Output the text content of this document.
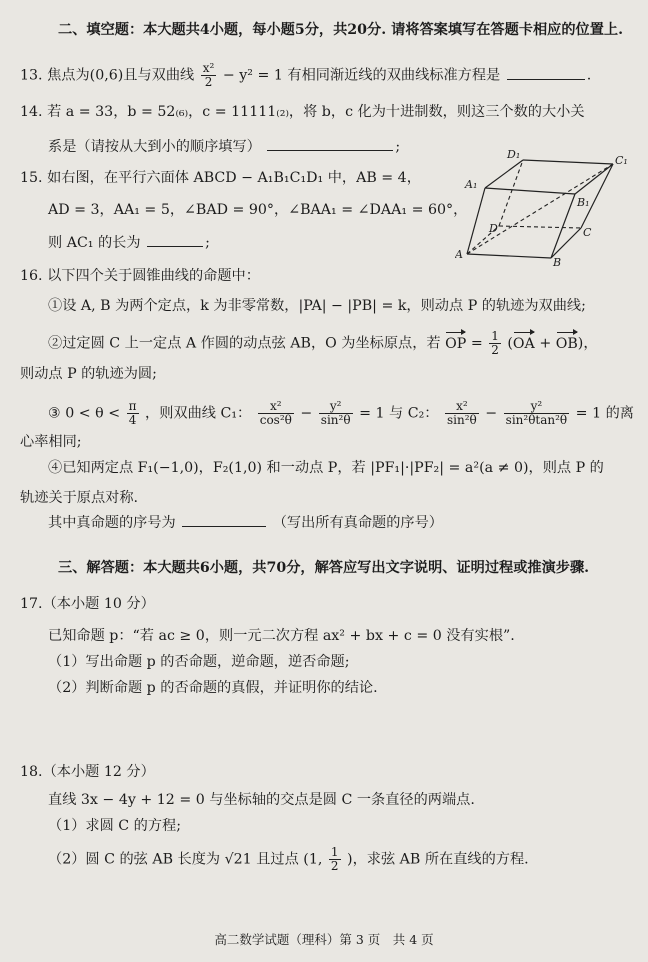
二、填空题：本大题共4小题，每小题5分，共20分. 请将答案填写在答题卡相应的位置上.
13. 焦点为(0,6)且与双曲线 $\frac{\text{x²}}{2} - y^2 = 1$ 有相同渐近线的双曲线标准方程是	.
14. 若 a = 33，b = 52₍₆₎，c = 11111₍₂₎，将 b，c 化为十进制数，则这三个数的大小关
系是（请按从大到小的顺序填写）	;
15. 如右图，在平行六面体 ABCD − A₁B₁C₁D₁ 中，AB = 4，
AD = 3，AA₁ = 5，∠BAD = 90°，∠BAA₁ = ∠DAA₁ = 60°，
则 AC₁ 的长为	;
D₁	C₁
A₁
B₁
D	C
A
B
16. 以下四个关于圆锥曲线的命题中：
①设 A, B 为两个定点，k 为非零常数，|PA| − |PB| = k，则动点 P 的轨迹为双曲线;
②过定圆 C 上一定点 A 作圆的动点弦 AB，O 为坐标原点，若 OP = $\frac{1}{2} (OA + OB)$，
则动点 P 的轨迹为圆;
③ $0 < \theta < \frac{\pi}{4}$ ，则双曲线 C₁： $\frac{\text{x²}}{\text{cos²θ}} - \frac{\text{y²}}{\text{sin²θ}} = 1$ 与 C₂： $\frac{\text{x²}}{\text{sin²θ}} - \frac{\text{y²}}{\text{sin²θtan²θ}} = 1$ 的离
心率相同;
④已知两定点 F₁(−1,0)，F₂(1,0) 和一动点 P，若 |PF₁|·|PF₂| = a²(a ≠ 0)，则点 P 的
轨迹关于原点对称.
其中真命题的序号为	（写出所有真命题的序号）
三、解答题：本大题共6小题，共70分，解答应写出文字说明、证明过程或推演步骤.
17.（本小题 10 分）
已知命题 p：“若 ac ≥ 0，则一元二次方程 ax² + bx + c = 0 没有实根”.
（1）写出命题 p 的否命题，逆命题，逆否命题;
（2）判断命题 p 的否命题的真假，并证明你的结论.
18.（本小题 12 分）
直线 3x − 4y + 12 = 0 与坐标轴的交点是圆 C 一条直径的两端点.
（1）求圆 C 的方程;
（2）圆 C 的弦 AB 长度为 √21 且过点 (1, $\frac{1}{2}$ )，求弦 AB 所在直线的方程.
高二数学试题（理科）第 3 页　共 4 页
